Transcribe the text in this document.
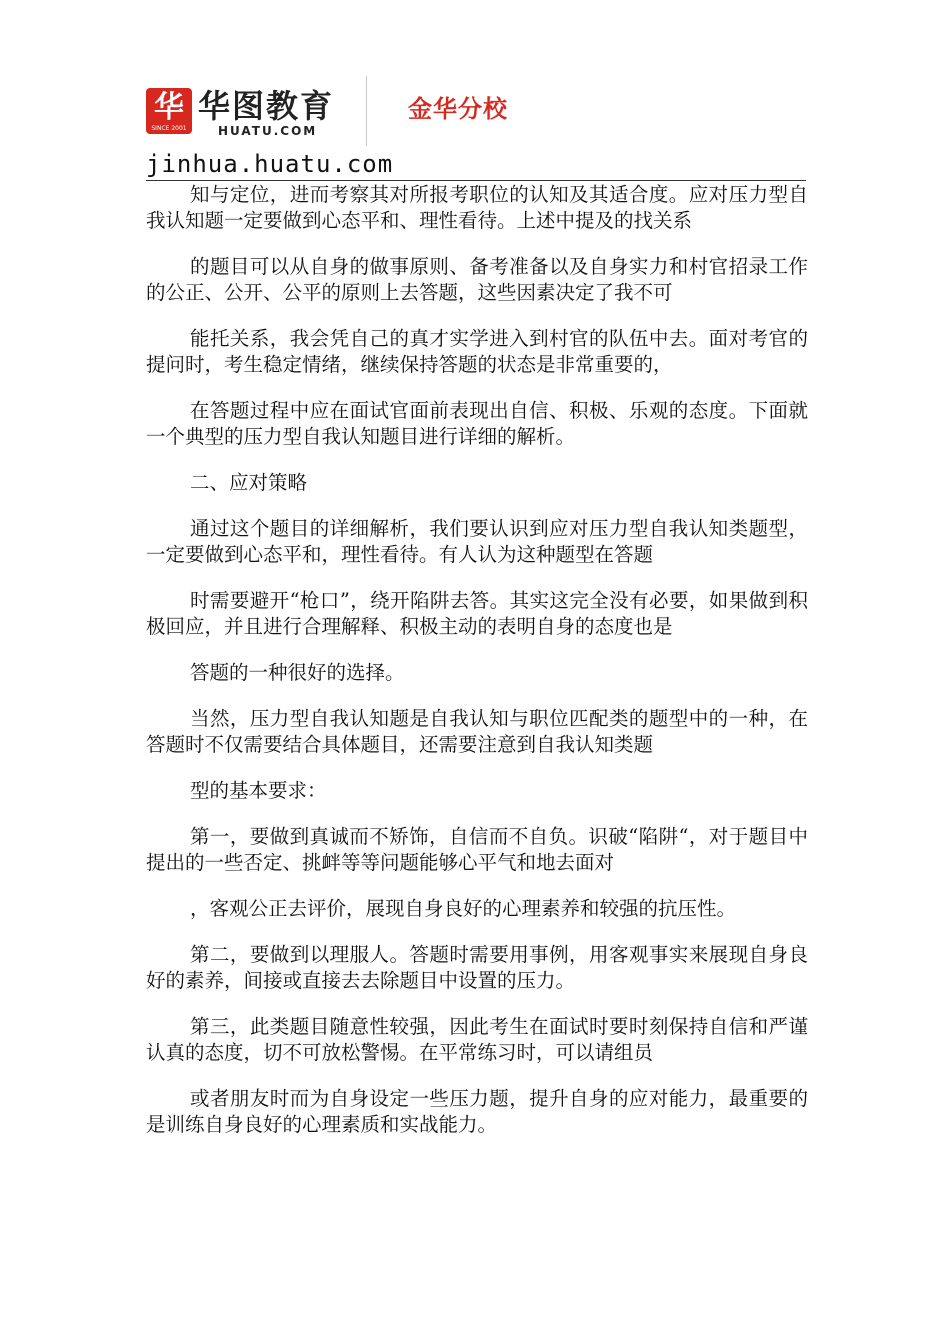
华
SINCE 2001
华图教育
HUATU.COM
金华分校
jinhua.huatu.com

知与定位，进而考察其对所报考职位的认知及其适合度。应对压力型自我认知题一定要做到心态平和、理性看待。上述中提及的找关系

的题目可以从自身的做事原则、备考准备以及自身实力和村官招录工作的公正、公开、公平的原则上去答题，这些因素决定了我不可

能托关系，我会凭自己的真才实学进入到村官的队伍中去。面对考官的提问时，考生稳定情绪，继续保持答题的状态是非常重要的，

在答题过程中应在面试官面前表现出自信、积极、乐观的态度。下面就一个典型的压力型自我认知题目进行详细的解析。

二、应对策略

通过这个题目的详细解析，我们要认识到应对压力型自我认知类题型，一定要做到心态平和，理性看待。有人认为这种题型在答题

时需要避开“枪口”，绕开陷阱去答。其实这完全没有必要，如果做到积极回应，并且进行合理解释、积极主动的表明自身的态度也是

答题的一种很好的选择。

当然，压力型自我认知题是自我认知与职位匹配类的题型中的一种，在答题时不仅需要结合具体题目，还需要注意到自我认知类题

型的基本要求：

第一，要做到真诚而不矫饰，自信而不自负。识破“陷阱“，对于题目中提出的一些否定、挑衅等等问题能够心平气和地去面对

，客观公正去评价，展现自身良好的心理素养和较强的抗压性。

第二，要做到以理服人。答题时需要用事例，用客观事实来展现自身良好的素养，间接或直接去去除题目中设置的压力。

第三，此类题目随意性较强，因此考生在面试时要时刻保持自信和严谨认真的态度，切不可放松警惕。在平常练习时，可以请组员

或者朋友时而为自身设定一些压力题，提升自身的应对能力，最重要的是训练自身良好的心理素质和实战能力。
